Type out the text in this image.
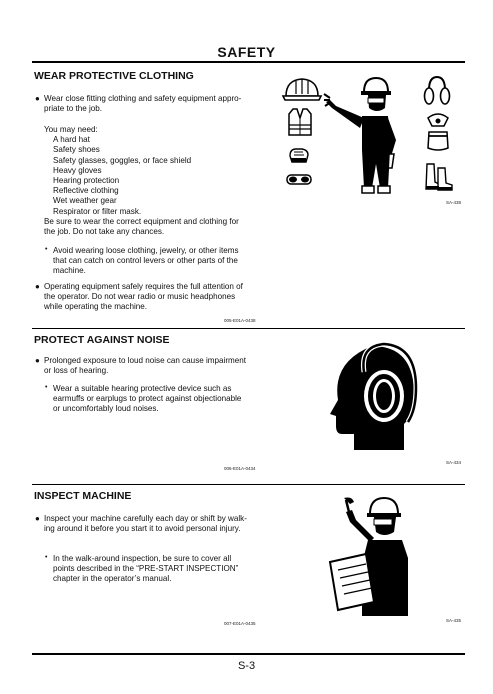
SAFETY
WEAR PROTECTIVE CLOTHING
● Wear close fitting clothing and safety equipment appro-
priate to the job.
You may need:
A hard hat
Safety shoes
Safety glasses, goggles, or face shield
Heavy gloves
Hearing protection
Reflective clothing
Wet weather gear
Respirator or filter mask.
Be sure to wear the correct equipment and clothing for
the job. Do not take any chances.
• Avoid wearing loose clothing, jewelry, or other items
that can catch on control levers or other parts of the
machine.
● Operating equipment safely requires the full attention of
the operator. Do not wear radio or music headphones
while operating the machine.
005-E01A-0438
SA-438
PROTECT AGAINST NOISE
● Prolonged exposure to loud noise can cause impairment
or loss of hearing.
• Wear a suitable hearing protective device such as
earmuffs or earplugs to protect against objectionable
or uncomfortably loud noises.
006-E01A-0434
SA-434
INSPECT MACHINE
● Inspect your machine carefully each day or shift by walk-
ing around it before you start it to avoid personal injury.
• In the walk-around inspection, be sure to cover all
points described in the “PRE-START INSPECTION”
chapter in the operator’s manual.
007-E01A-0435
SA-435
S-3
